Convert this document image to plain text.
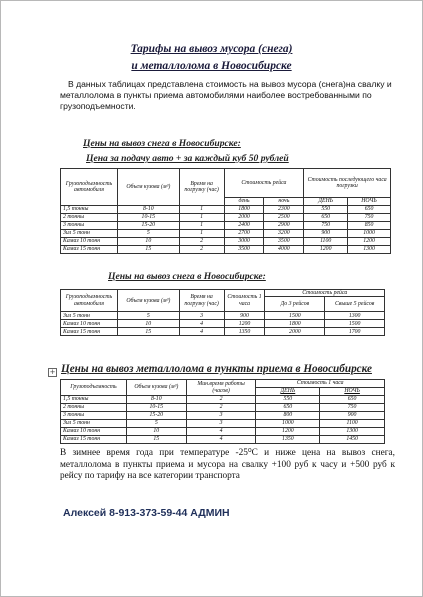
Тарифы на вывоз мусора (снега)
и металлолома в Новосибирске
В данных таблицах представлена стоимость на вывоз мусора (снега)на свалку и металлолома в пункты приема автомобилями наиболее востребованными по грузоподъемности.
Цены на вывоз снега в Новосибирске:
Цена за подачу авто + за каждый куб 50 рублей
Грузоподъемность автомобиля	Объем кузова (м³)	Время на погрузку (час)	Стоимость рейса		Стоимость последующего часа погрузки	
			день	ночь	ДЕНЬ	НОЧЬ
1,5 тонны	8-10	1	1800	2300	550	650
2 тонны	10-15	1	2000	2500	650	750
3 тонны	15-20	1	2400	2900	750	850
Зил 5 тонн	5	1	2700	3200	900	1000
Камаз 10 тонн	10	2	3000	3500	1100	1200
Камаз 15 тонн	15	2	3500	4000	1200	1300
Цены на вывоз снега в Новосибирске:
Грузоподъемность автомобиля	Объем кузова (м³)	Время на погрузку (час)	Стоимость 1 часа	Стоимость рейса	
				До 3 рейсов	Свыше 5 рейсов
Зил 5 тонн	5	3	900	1500	1300
Камаз 10 тонн	10	4	1200	1800	1500
Камаз 15 тонн	15	4	1350	2000	1700
+ Цены на вывоз металлолома в пункты приема в Новосибирске
Грузоподъемность	Объем кузова (м³)	Мин.время работы (часов)	Стоимость 1 часа	
			ДЕНЬ	НОЧЬ
1,5 тонны	8-10	2	550	650
2 тонны	10-15	2	650	750
3 тонны	15-20	3	800	900
Зил 5 тонн	5	3	1000	1100
Камаз 10 тонн	10	4	1200	1300
Камаз 15 тонн	15	4	1350	1450
В зимнее время года при температуре -25⁰С и ниже цена на вывоз снега, металлолома в пункты приема и мусора на свалку +100 руб к часу и +500 руб к рейсу по тарифу на все категории транспорта
Алексей 8-913-373-59-44 АДМИН
